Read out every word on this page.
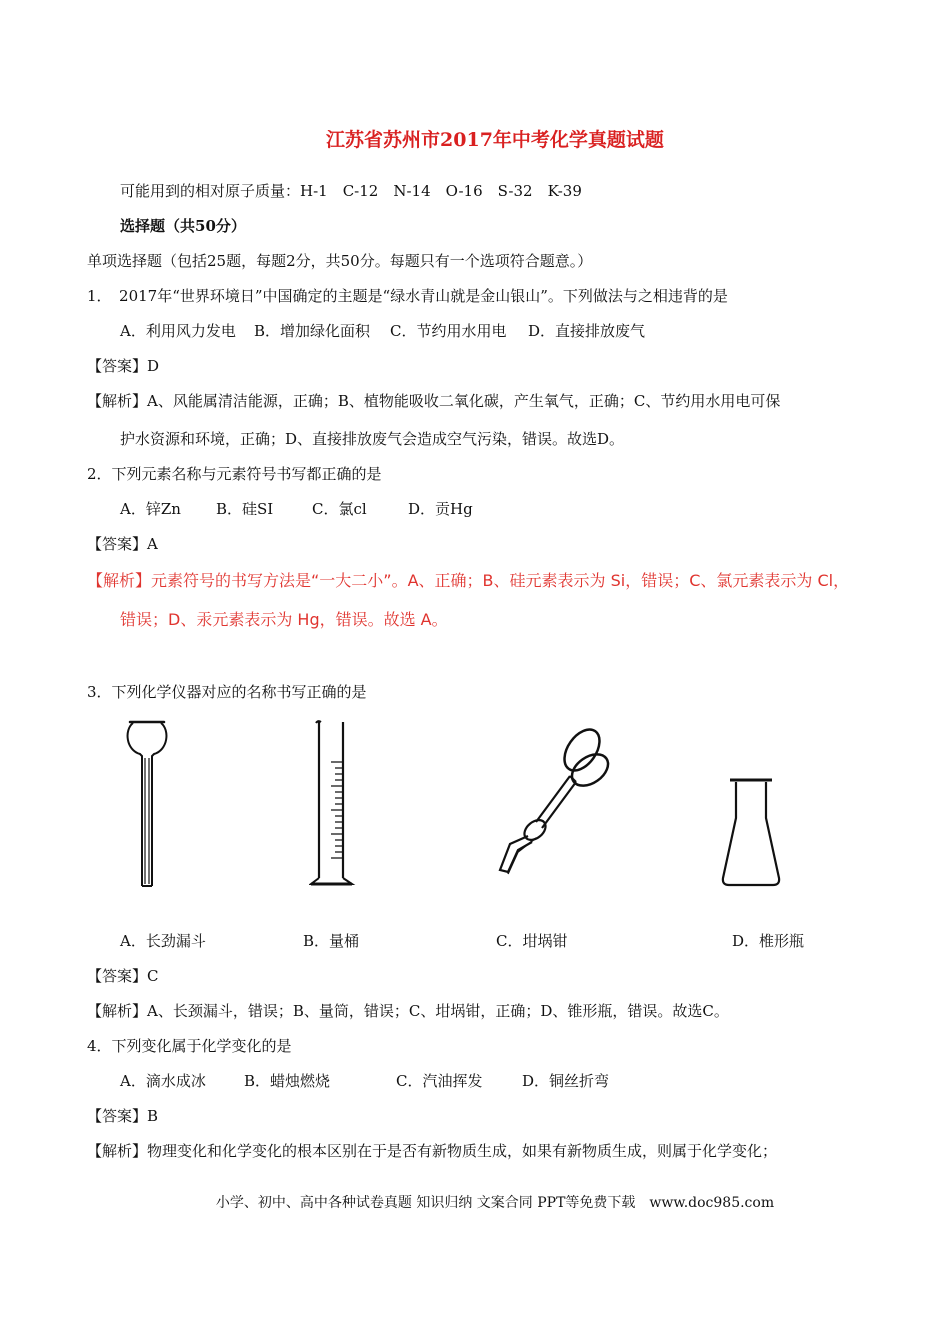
江苏省苏州市2017年中考化学真题试题
可能用到的相对原子质量：H-1　C-12　N-14　O-16　S-32　K-39
选择题（共50分）
单项选择题（包括25题，每题2分，共50分。每题只有一个选项符合题意。）
1．　2017年“世界环境日”中国确定的主题是“绿水青山就是金山银山”。下列做法与之相违背的是
A．利用风力发电 B．增加绿化面积 C．节约用水用电 D．直接排放废气
【答案】D
【解析】A、风能属清洁能源，正确；B、植物能吸收二氧化碳，产生氧气，正确；C、节约用水用电可保
护水资源和环境，正确；D、直接排放废气会造成空气污染，错误。故选D。
2．下列元素名称与元素符号书写都正确的是
A．锌Zn B．硅SI	C．氯cl	D．贡Hg
【答案】A
【解析】元素符号的书写方法是“一大二小”。A、正确；B、硅元素表示为 Si，错误；C、氯元素表示为 Cl，
错误；D、汞元素表示为 Hg，错误。故选 A。
3．下列化学仪器对应的名称书写正确的是
A．长劲漏斗	B．量桶	C．坩埚钳	D．椎形瓶
【答案】C
【解析】A、长颈漏斗，错误；B、量筒，错误；C、坩埚钳，正确；D、锥形瓶，错误。故选C。
4．下列变化属于化学变化的是
A．滴水成冰	B．蜡烛燃烧	C．汽油挥发	D．铜丝折弯
【答案】B
【解析】物理变化和化学变化的根本区别在于是否有新物质生成，如果有新物质生成，则属于化学变化；
小学、初中、高中各种试卷真题 知识归纳 文案合同 PPT等免费下载　www.doc985.com
